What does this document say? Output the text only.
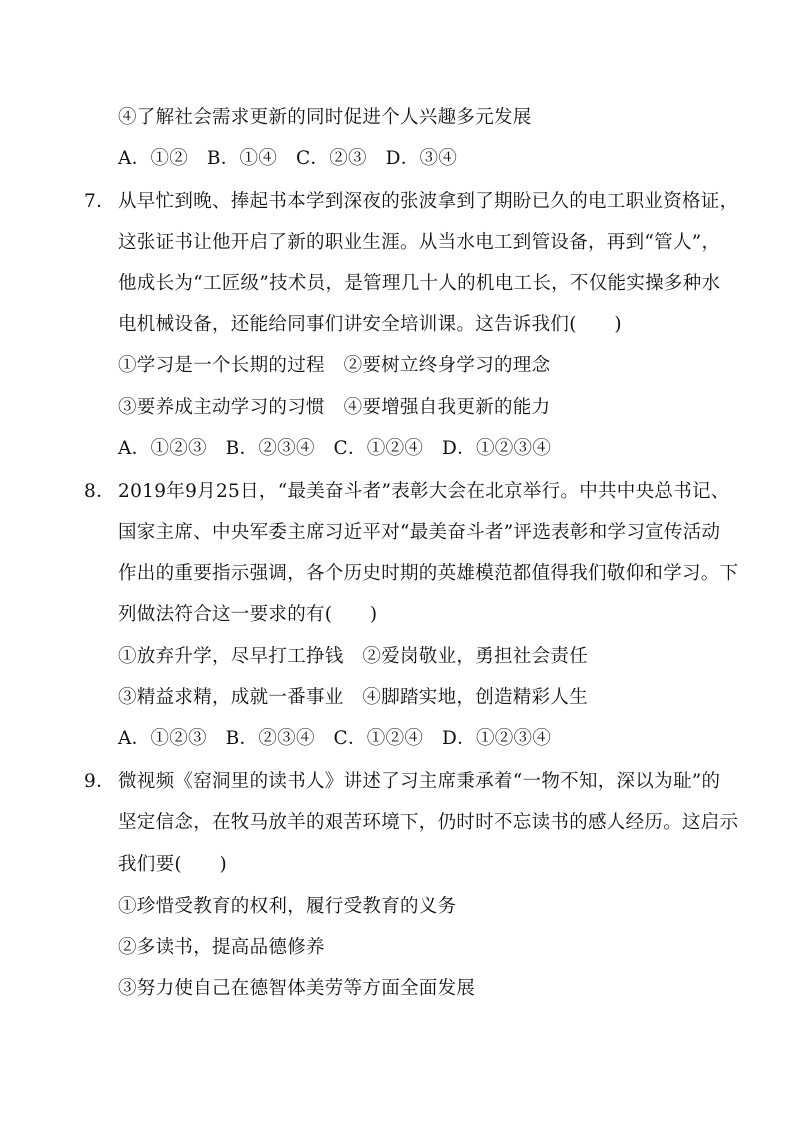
④了解社会需求更新的同时促进个人兴趣多元发展
A．①②　B．①④　C．②③　D．③④
7． 从早忙到晚、捧起书本学到深夜的张波拿到了期盼已久的电工职业资格证，
这张证书让他开启了新的职业生涯。从当水电工到管设备，再到“管人”，
他成长为“工匠级”技术员，是管理几十人的机电工长，不仅能实操多种水
电机械设备，还能给同事们讲安全培训课。这告诉我们(　　)
①学习是一个长期的过程　②要树立终身学习的理念
③要养成主动学习的习惯　④要增强自我更新的能力
A．①②③　B．②③④　C．①②④　D．①②③④
8． 2019年9月25日，“最美奋斗者”表彰大会在北京举行。中共中央总书记、
国家主席、中央军委主席习近平对“最美奋斗者”评选表彰和学习宣传活动
作出的重要指示强调，各个历史时期的英雄模范都值得我们敬仰和学习。下
列做法符合这一要求的有(　　)
①放弃升学，尽早打工挣钱　②爱岗敬业，勇担社会责任
③精益求精，成就一番事业　④脚踏实地，创造精彩人生
A．①②③　B．②③④　C．①②④　D．①②③④
9． 微视频《窑洞里的读书人》讲述了习主席秉承着“一物不知，深以为耻”的
坚定信念，在牧马放羊的艰苦环境下，仍时时不忘读书的感人经历。这启示
我们要(　　)
①珍惜受教育的权利，履行受教育的义务
②多读书，提高品德修养
③努力使自己在德智体美劳等方面全面发展
